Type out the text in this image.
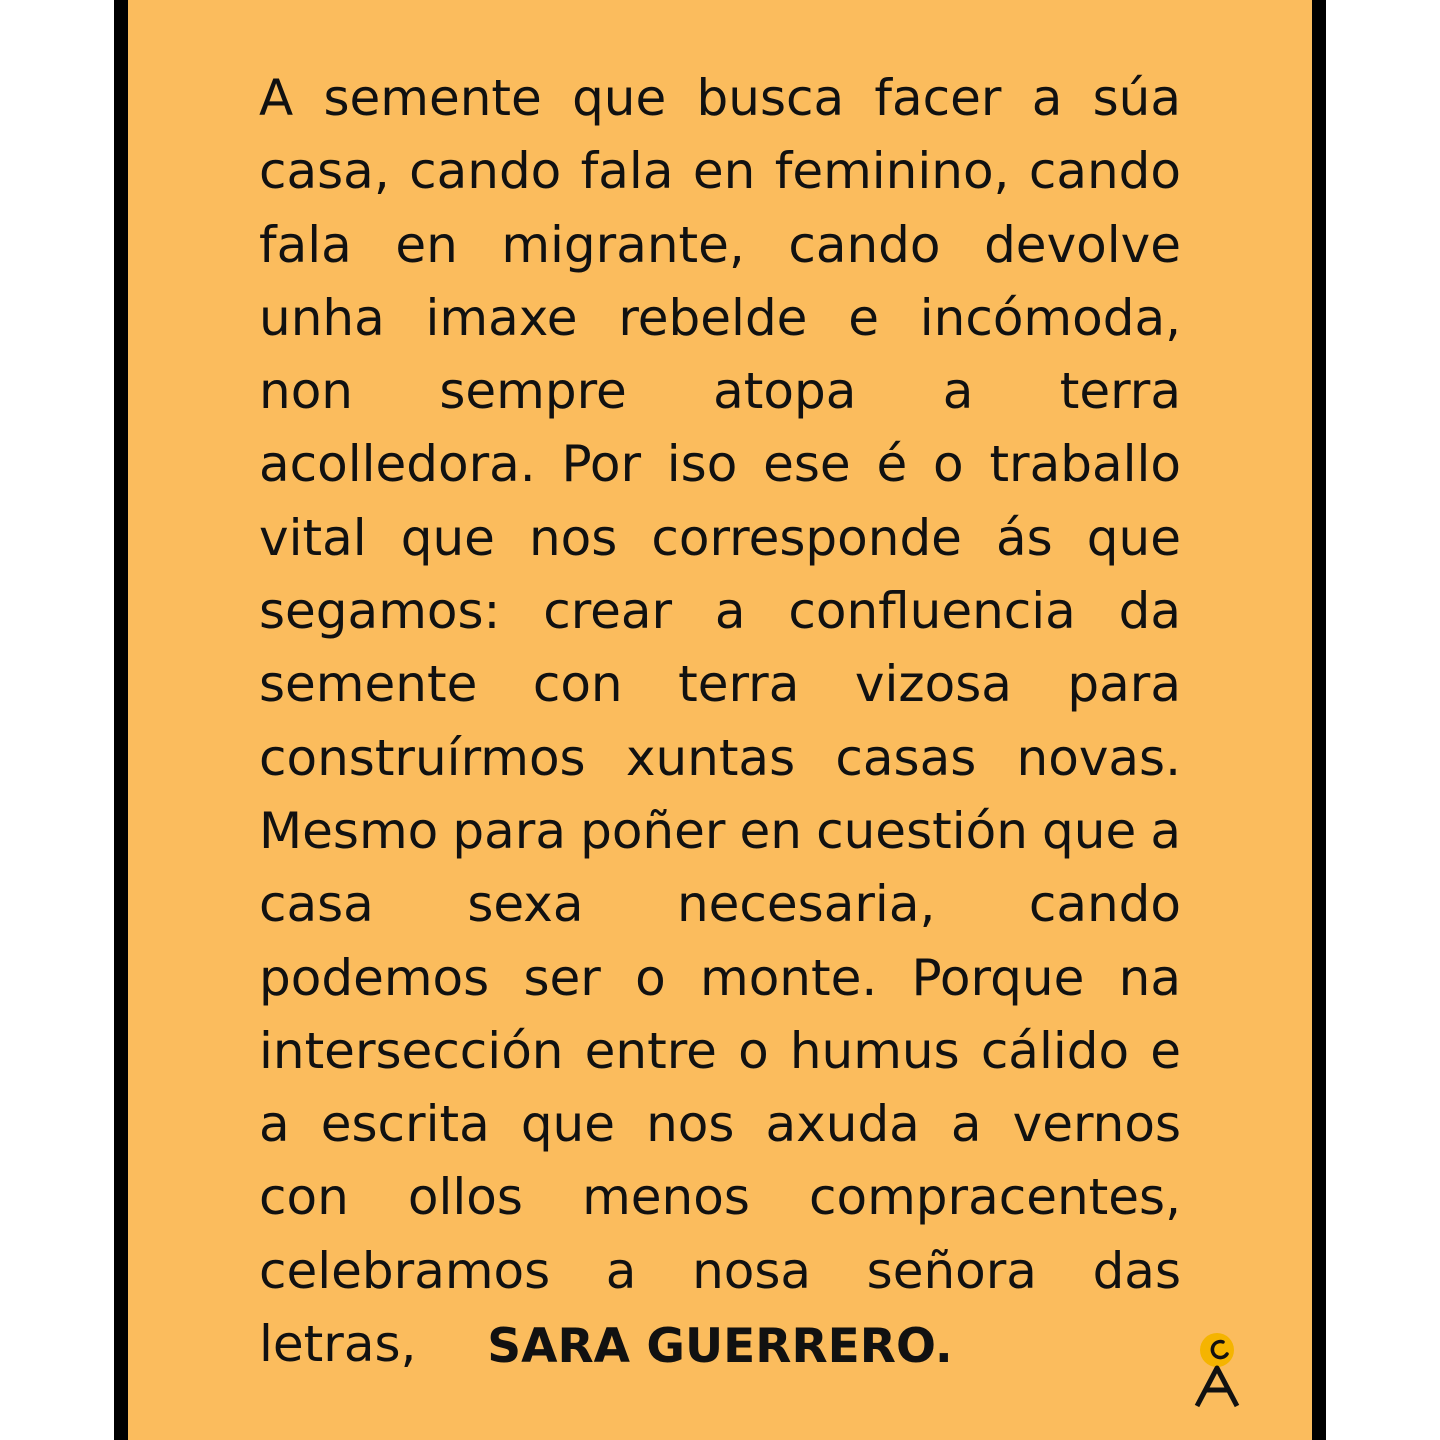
A semente que busca facer a súa casa, cando fala en feminino, cando fala en migrante, cando devolve unha imaxe rebelde e incómoda, non sempre atopa a terra acolledora. Por iso ese é o traballo vital que nos corresponde ás que segamos: crear a confluencia da semente con terra vizosa para construírmos xuntas casas novas. Mesmo para poñer en cuestión que a casa sexa necesaria, cando podemos ser o monte. Porque na intersección entre o humus cálido e a escrita que nos axuda a vernos con ollos menos compracentes, celebramos a nosa señora das letras,	SARA GUERRERO.
